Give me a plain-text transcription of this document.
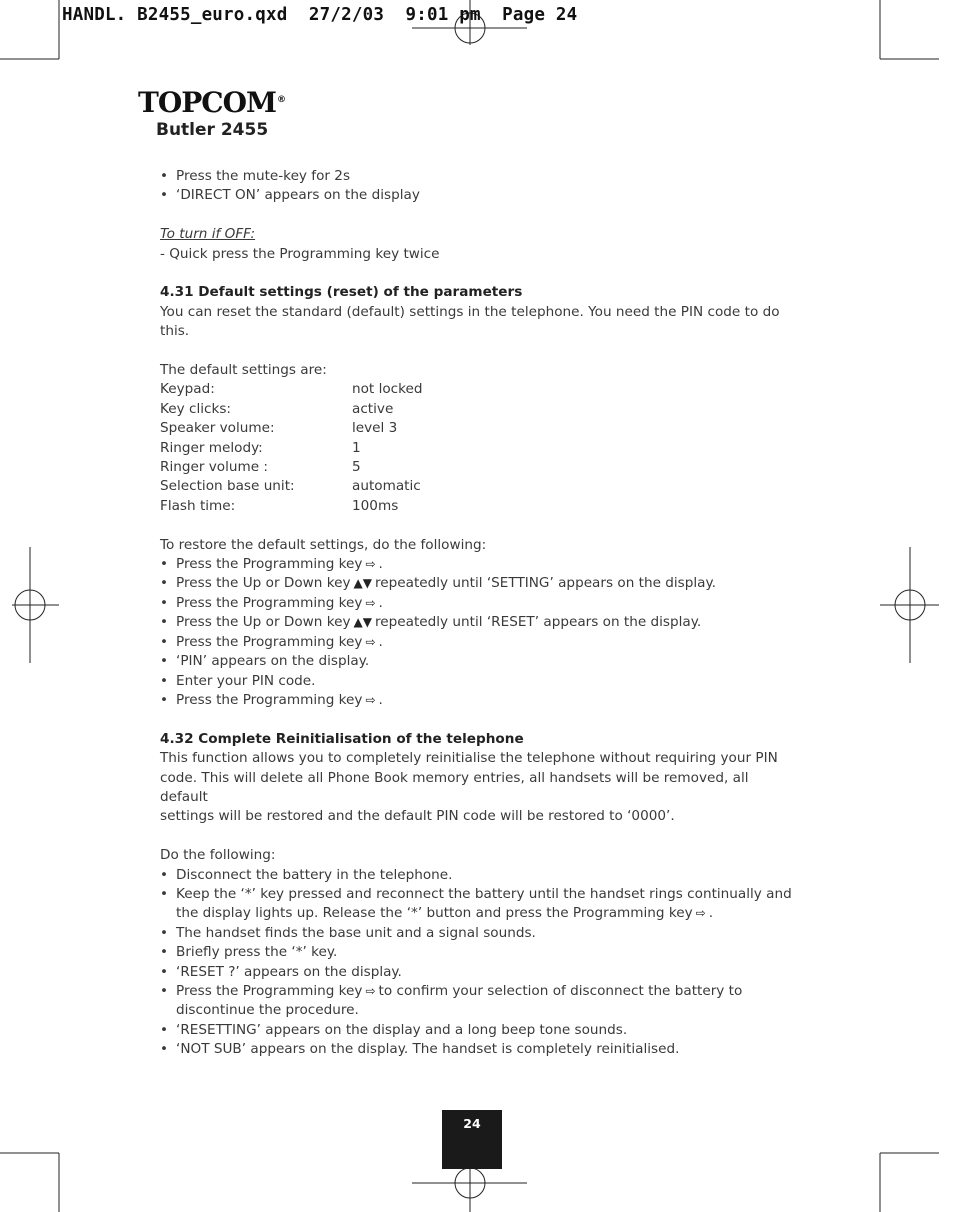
HANDL. B2455_euro.qxd  27/2/03  9:01 pm  Page 24
TOPCOM®
Butler 2455

• Press the mute-key for 2s

• ‘DIRECT ON’ appears on the display

To turn if OFF:

- Quick press the Programming key twice

4.31 Default settings (reset) of the parameters

You can reset the standard (default) settings in the telephone. You need the PIN code to do this.

The default settings are:

Keypad:	not locked
Key clicks:	active
Speaker volume:	level 3
Ringer melody:	1
Ringer volume :	5
Selection base unit:	automatic
Flash time:	100ms

To restore the default settings, do the following:

• Press the Programming key ⇨ .

• Press the Up or Down key ▲▼ repeatedly until ‘SETTING’ appears on the display.

• Press the Programming key ⇨ .

• Press the Up or Down key ▲▼ repeatedly until ‘RESET’ appears on the display.

• Press the Programming key ⇨ .

• ‘PIN’ appears on the display.

• Enter your PIN code.

• Press the Programming key ⇨ .

4.32 Complete Reinitialisation of the telephone

This function allows you to completely reinitialise the telephone without requiring your PIN

code. This will delete all Phone Book memory entries, all handsets will be removed, all default

settings will be restored and the default PIN code will be restored to ‘0000’.

Do the following:

• Disconnect the battery in the telephone.

• Keep the ‘*’ key pressed and reconnect the battery until the handset rings continually and
the display lights up. Release the ‘*’ button and press the Programming key ⇨ .

• The handset finds the base unit and a signal sounds.

• Briefly press the ‘*’ key.

• ‘RESET ?’ appears on the display.

• Press the Programming key ⇨ to confirm your selection of disconnect the battery to
discontinue the procedure.

• ‘RESETTING’ appears on the display and a long beep tone sounds.

• ‘NOT SUB’ appears on the display. The handset is completely reinitialised.

24
